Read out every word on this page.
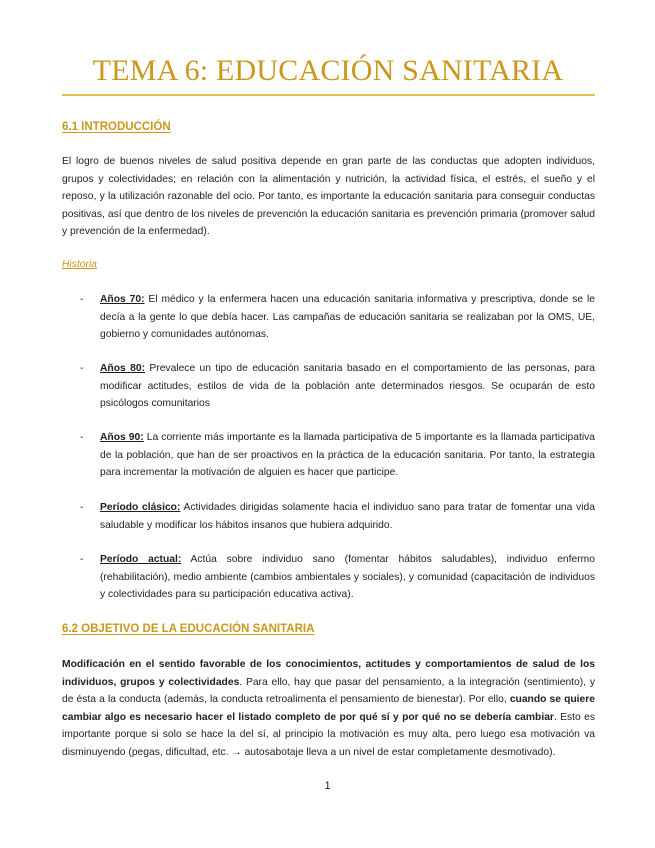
TEMA 6: EDUCACIÓN SANITARIA
6.1 INTRODUCCIÓN
El logro de buenos niveles de salud positiva depende en gran parte de las conductas que adopten individuos, grupos y colectividades; en relación con la alimentación y nutrición, la actividad física, el estrés, el sueño y el reposo, y la utilización razonable del ocio. Por tanto, es importante la educación sanitaria para conseguir conductas positivas, así que dentro de los niveles de prevención la educación sanitaria es prevención primaria (promover salud y prevención de la enfermedad).
Historia
- Años 70: El médico y la enfermera hacen una educación sanitaria informativa y prescriptiva, donde se le decía a la gente lo que debía hacer. Las campañas de educación sanitaria se realizaban por la OMS, UE, gobierno y comunidades autónomas.
- Años 80: Prevalece un tipo de educación sanitaria basado en el comportamiento de las personas, para modificar actitudes, estilos de vida de la población ante determinados riesgos. Se ocuparán de esto psicólogos comunitarios
- Años 90: La corriente más importante es la llamada participativa de 5 importante es la llamada participativa de la población, que han de ser proactivos en la práctica de la educación sanitaria. Por tanto, la estrategia para incrementar la motivación de alguien es hacer que participe.
- Período clásico: Actividades dirigidas solamente hacia el individuo sano para tratar de fomentar una vida saludable y modificar los hábitos insanos que hubiera adquirido.
- Período actual: Actúa sobre individuo sano (fomentar hábitos saludables), individuo enfermo (rehabilitación), medio ambiente (cambios ambientales y sociales), y comunidad (capacitación de individuos y colectividades para su participación educativa activa).
6.2 OBJETIVO DE LA EDUCACIÓN SANITARIA
Modificación en el sentido favorable de los conocimientos, actitudes y comportamientos de salud de los individuos, grupos y colectividades. Para ello, hay que pasar del pensamiento, a la integración (sentimiento), y de ésta a la conducta (además, la conducta retroalimenta el pensamiento de bienestar). Por ello, cuando se quiere cambiar algo es necesario hacer el listado completo de por qué sí y por qué no se debería cambiar. Esto es importante porque si solo se hace la del sí, al principio la motivación es muy alta, pero luego esa motivación va disminuyendo (pegas, dificultad, etc. → autosabotaje lleva a un nivel de estar completamente desmotivado).
1
